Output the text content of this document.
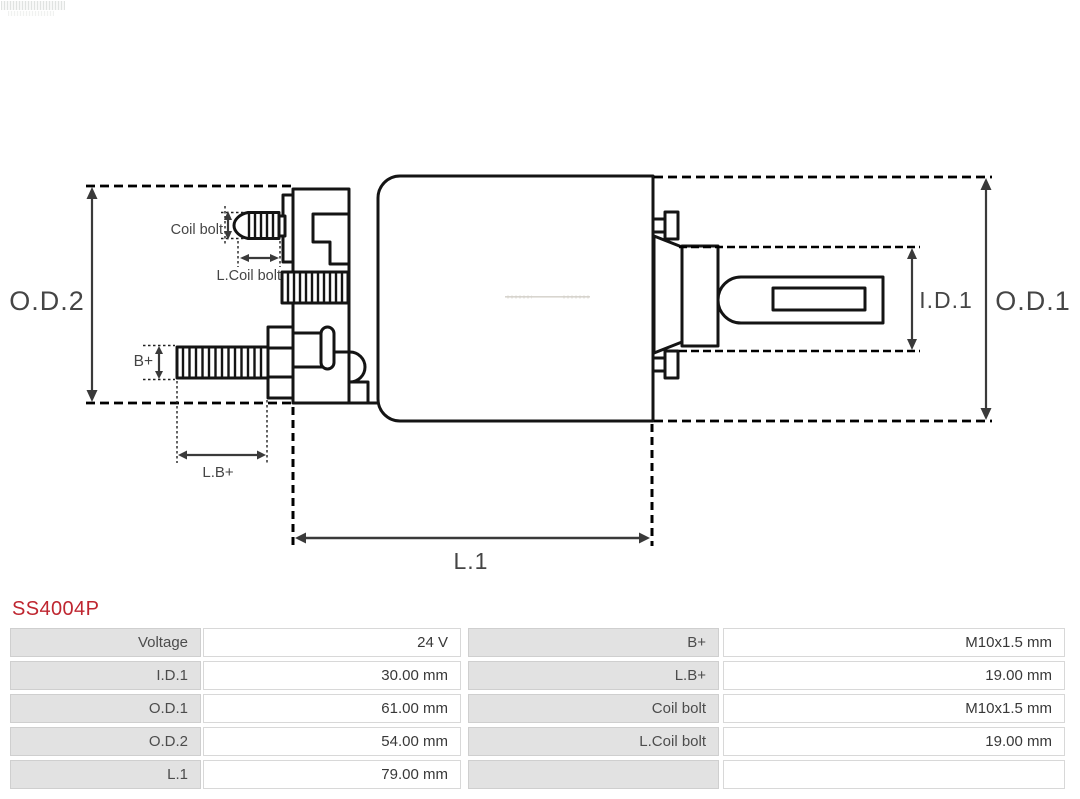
O.D.2	O.D.1
I.D.1
L.1
Coil bolt
L.Coil bolt
B+
L.B+
SS4004P
Voltage	24 V	B+	M10x1.5 mm
I.D.1	30.00 mm	L.B+	19.00 mm
O.D.1	61.00 mm	Coil bolt	M10x1.5 mm
O.D.2	54.00 mm	L.Coil bolt	19.00 mm
L.1	79.00 mm
